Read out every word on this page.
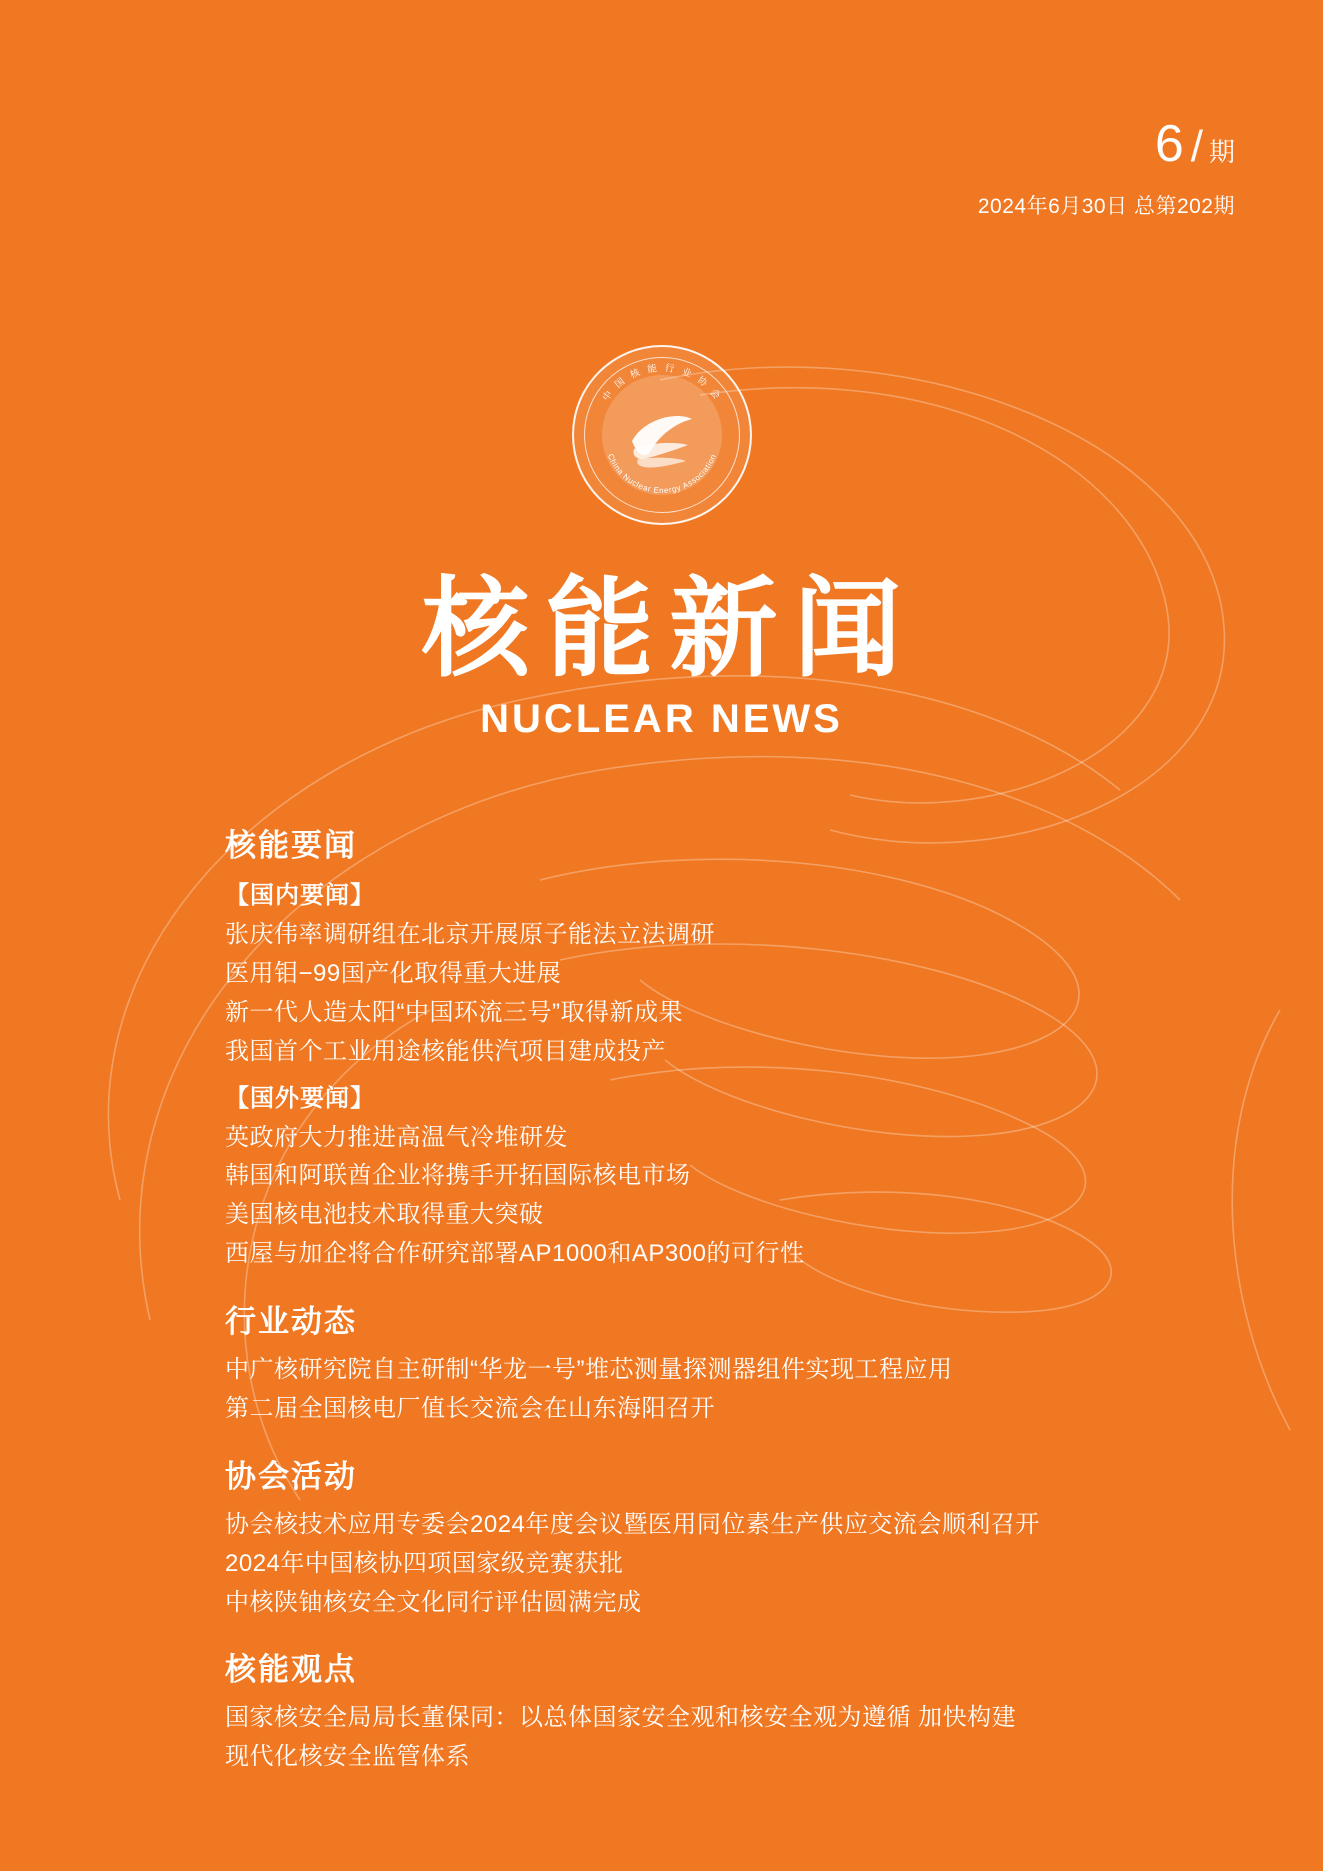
6 / 期
2024年6月30日 总第202期
中 国 核 能 行 业 协 会
China Nuclear Energy Association
核能新闻
NUCLEAR NEWS
核能要闻
【国内要闻】
张庆伟率调研组在北京开展原子能法立法调研
医用钼−99国产化取得重大进展
新一代人造太阳“中国环流三号”取得新成果
我国首个工业用途核能供汽项目建成投产
【国外要闻】
英政府大力推进高温气冷堆研发
韩国和阿联酋企业将携手开拓国际核电市场
美国核电池技术取得重大突破
西屋与加企将合作研究部署AP1000和AP300的可行性
行业动态
中广核研究院自主研制“华龙一号”堆芯测量探测器组件实现工程应用
第二届全国核电厂值长交流会在山东海阳召开
协会活动
协会核技术应用专委会2024年度会议暨医用同位素生产供应交流会顺利召开
2024年中国核协四项国家级竞赛获批
中核陕铀核安全文化同行评估圆满完成
核能观点
国家核安全局局长董保同：以总体国家安全观和核安全观为遵循 加快构建
现代化核安全监管体系
